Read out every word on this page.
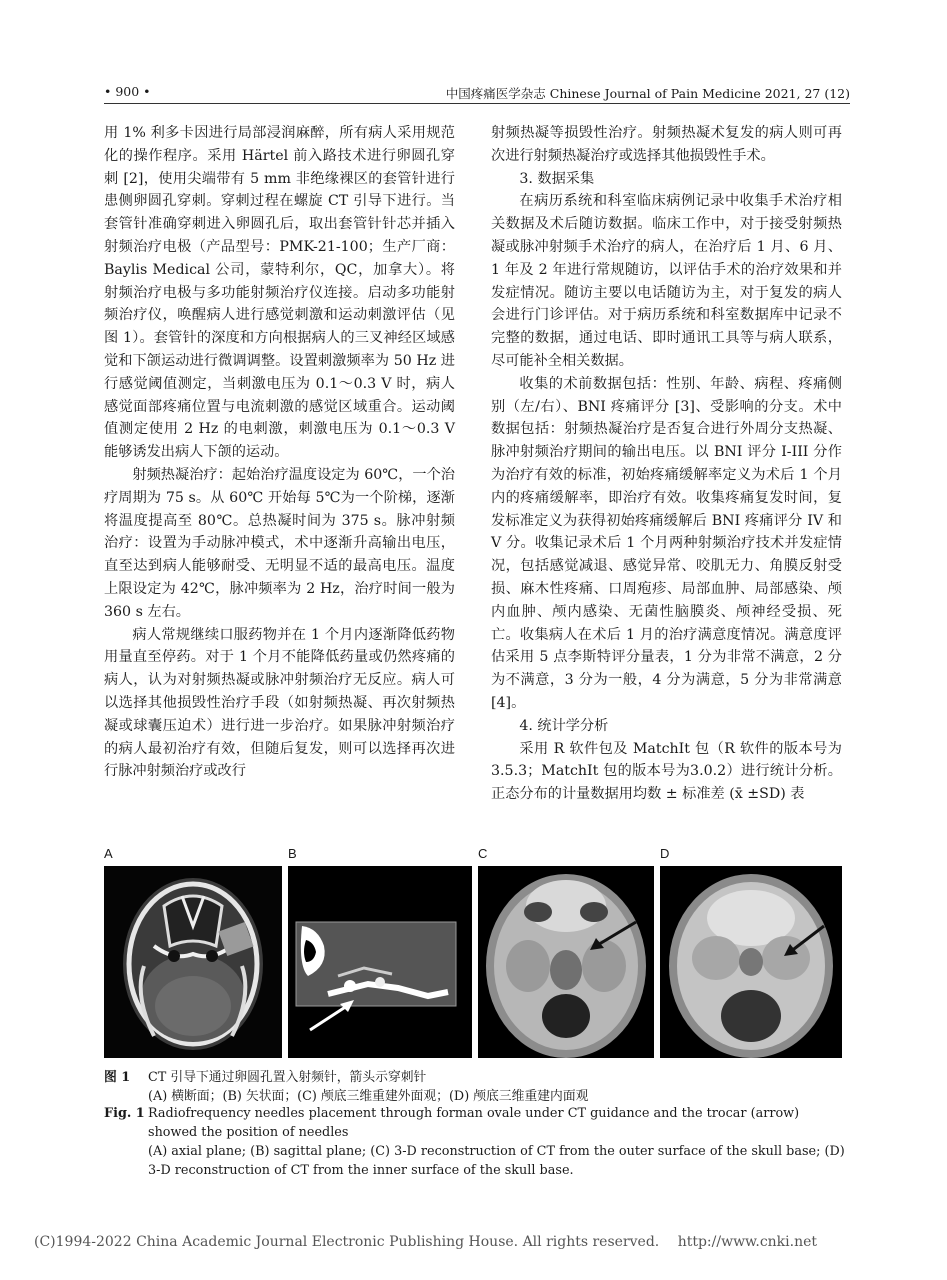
• 900 •	中国疼痛医学杂志 Chinese Journal of Pain Medicine 2021, 27 (12)

用 1% 利多卡因进行局部浸润麻醉，所有病人采用规范化的操作程序。采用 Härtel 前入路技术进行卵圆孔穿刺 [2]，使用尖端带有 5 mm 非绝缘裸区的套管针进行患侧卵圆孔穿刺。穿刺过程在螺旋 CT 引导下进行。当套管针准确穿刺进入卵圆孔后，取出套管针针芯并插入射频治疗电极（产品型号：PMK-21-100；生产厂商：Baylis Medical 公司，蒙特利尔，QC，加拿大）。将射频治疗电极与多功能射频治疗仪连接。启动多功能射频治疗仪，唤醒病人进行感觉刺激和运动刺激评估（见图 1）。套管针的深度和方向根据病人的三叉神经区域感觉和下颌运动进行微调调整。设置刺激频率为 50 Hz 进行感觉阈值测定，当刺激电压为 0.1～0.3 V 时，病人感觉面部疼痛位置与电流刺激的感觉区域重合。运动阈值测定使用 2 Hz 的电刺激，刺激电压为 0.1～0.3 V 能够诱发出病人下颌的运动。

射频热凝治疗：起始治疗温度设定为 60℃，一个治疗周期为 75 s。从 60℃ 开始每 5℃为一个阶梯，逐渐将温度提高至 80℃。总热凝时间为 375 s。脉冲射频治疗：设置为手动脉冲模式，术中逐渐升高输出电压，直至达到病人能够耐受、无明显不适的最高电压。温度上限设定为 42℃，脉冲频率为 2 Hz，治疗时间一般为 360 s 左右。

病人常规继续口服药物并在 1 个月内逐渐降低药物用量直至停药。对于 1 个月不能降低药量或仍然疼痛的病人，认为对射频热凝或脉冲射频治疗无反应。病人可以选择其他损毁性治疗手段（如射频热凝、再次射频热凝或球囊压迫术）进行进一步治疗。如果脉冲射频治疗的病人最初治疗有效，但随后复发，则可以选择再次进行脉冲射频治疗或改行

射频热凝等损毁性治疗。射频热凝术复发的病人则可再次进行射频热凝治疗或选择其他损毁性手术。

3. 数据采集

在病历系统和科室临床病例记录中收集手术治疗相关数据及术后随访数据。临床工作中，对于接受射频热凝或脉冲射频手术治疗的病人，在治疗后 1 月、6 月、1 年及 2 年进行常规随访，以评估手术的治疗效果和并发症情况。随访主要以电话随访为主，对于复发的病人会进行门诊评估。对于病历系统和科室数据库中记录不完整的数据，通过电话、即时通讯工具等与病人联系，尽可能补全相关数据。

收集的术前数据包括：性别、年龄、病程、疼痛侧别（左/右）、BNI 疼痛评分 [3]、受影响的分支。术中数据包括：射频热凝治疗是否复合进行外周分支热凝、脉冲射频治疗期间的输出电压。以 BNI 评分 I-III 分作为治疗有效的标准，初始疼痛缓解率定义为术后 1 个月内的疼痛缓解率，即治疗有效。收集疼痛复发时间，复发标准定义为获得初始疼痛缓解后 BNI 疼痛评分 IV 和 V 分。收集记录术后 1 个月两种射频治疗技术并发症情况，包括感觉减退、感觉异常、咬肌无力、角膜反射受损、麻木性疼痛、口周疱疹、局部血肿、局部感染、颅内血肿、颅内感染、无菌性脑膜炎、颅神经受损、死亡。收集病人在术后 1 月的治疗满意度情况。满意度评估采用 5 点李斯特评分量表，1 分为非常不满意，2 分为不满意，3 分为一般，4 分为满意，5 分为非常满意 [4]。

4. 统计学分析

采用 R 软件包及 MatchIt 包（R 软件的版本号为3.5.3；MatchIt 包的版本号为3.0.2）进行统计分析。正态分布的计量数据用均数 ± 标准差 (x̄ ±SD) 表

A	B	C	D
图 1 CT 引导下通过卵圆孔置入射频针，箭头示穿刺针
(A) 横断面；(B) 矢状面；(C) 颅底三维重建外面观；(D) 颅底三维重建内面观
Fig. 1 Radiofrequency needles placement through forman ovale under CT guidance and the trocar (arrow) showed the position of needles
(A) axial plane; (B) sagittal plane; (C) 3-D reconstruction of CT from the outer surface of the skull base; (D) 3-D reconstruction of CT from the inner surface of the skull base.
(C)1994-2022 China Academic Journal Electronic Publishing House. All rights reserved. http://www.cnki.net
